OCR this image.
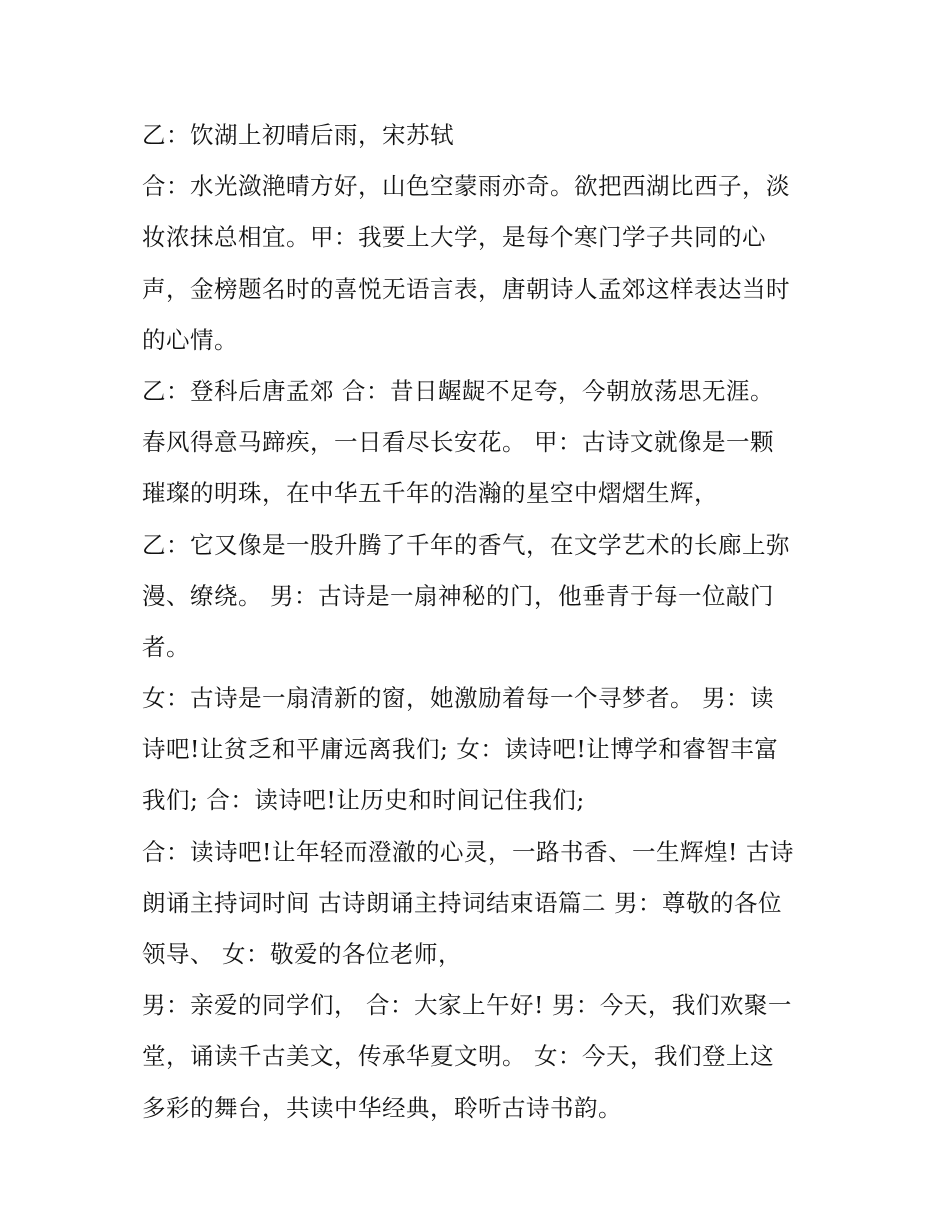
乙：饮湖上初晴后雨，宋苏轼
合：水光潋滟晴方好，山色空蒙雨亦奇。欲把西湖比西子，淡
妆浓抹总相宜。甲：我要上大学，是每个寒门学子共同的心
声，金榜题名时的喜悦无语言表，唐朝诗人孟郊这样表达当时
的心情。
乙：登科后唐孟郊 合：昔日龌龊不足夸，今朝放荡思无涯。
春风得意马蹄疾，一日看尽长安花。 甲：古诗文就像是一颗
璀璨的明珠，在中华五千年的浩瀚的星空中熠熠生辉，
乙：它又像是一股升腾了千年的香气，在文学艺术的长廊上弥
漫、缭绕。 男：古诗是一扇神秘的门，他垂青于每一位敲门
者。
女：古诗是一扇清新的窗，她激励着每一个寻梦者。 男：读
诗吧!让贫乏和平庸远离我们; 女：读诗吧!让博学和睿智丰富
我们; 合：读诗吧!让历史和时间记住我们;
合：读诗吧!让年轻而澄澈的心灵，一路书香、一生辉煌! 古诗
朗诵主持词时间 古诗朗诵主持词结束语篇二 男：尊敬的各位
领导、 女：敬爱的各位老师，
男：亲爱的同学们， 合：大家上午好! 男：今天，我们欢聚一
堂，诵读千古美文，传承华夏文明。 女：今天，我们登上这
多彩的舞台，共读中华经典，聆听古诗书韵。
